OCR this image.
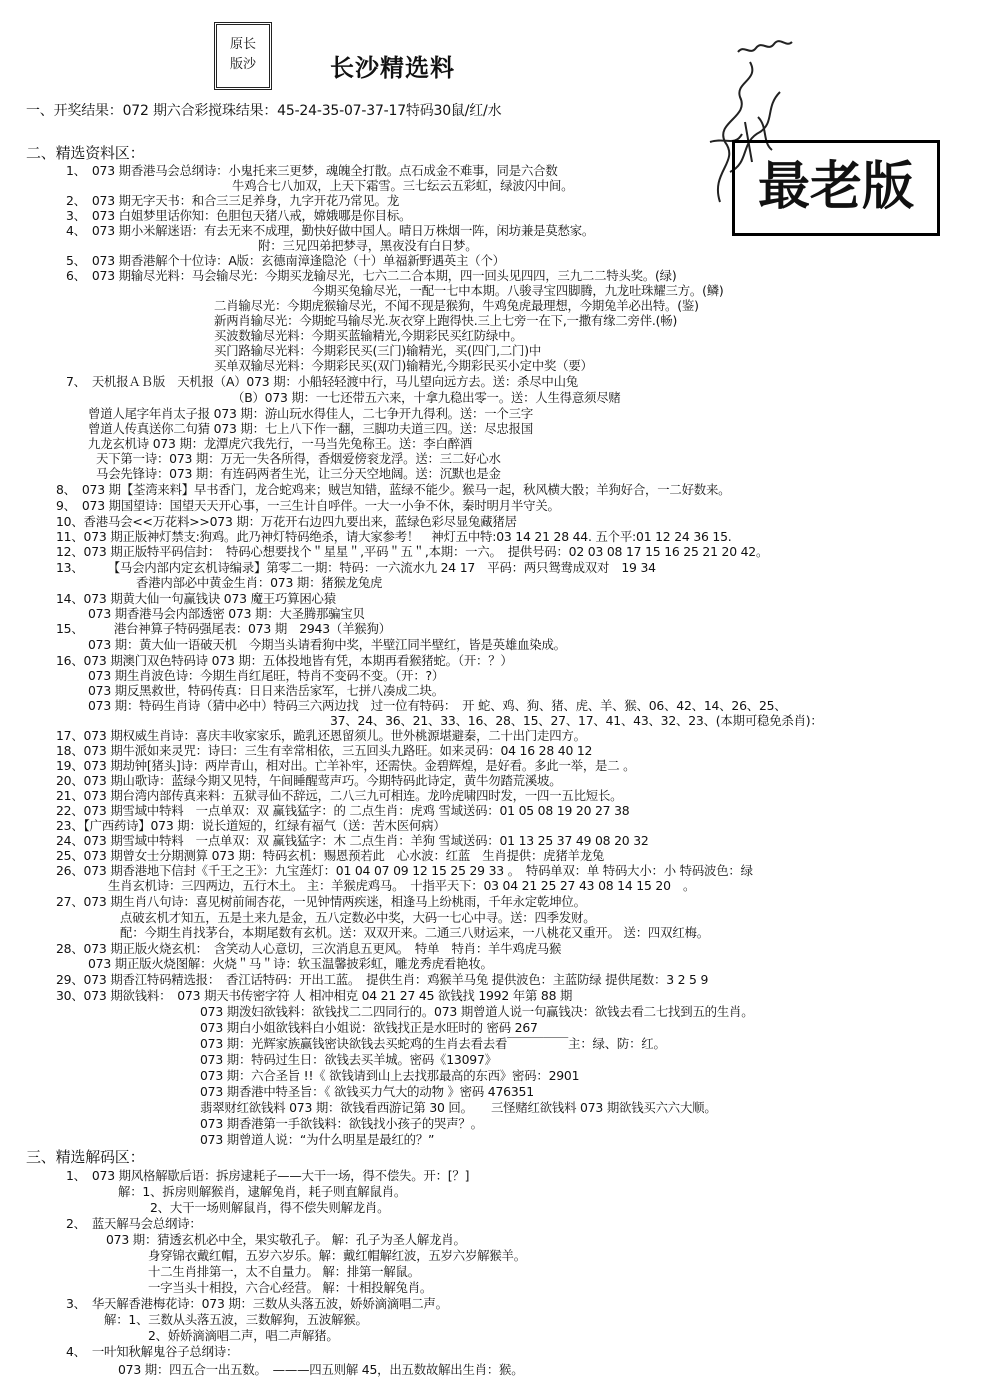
原长
版沙	长沙精选料
最老版
一、开奖结果：072 期六合彩搅珠结果：45-24-35-07-37-17特码30鼠/红/水
二、精选资料区：
1、　073 期香港马会总纲诗：小鬼托来三更梦，魂魄全打散。点石成金不难事，同是六合数
牛鸡合七八加双，上天下霜雪。三七纭云五彩虹，绿波闪中间。
2、　073 期无字天书：和合三三足养身，九字开花乃常见。龙
3、　073 白姐梦里话你知：色胆包天猪八戒，嫦娥哪是你目标。
4、　073 期小米解迷语：有去无来不成理，勤快好做中国人。晴日万株烟一阵，闲坊兼是莫愁家。
附：三兄四弟把梦寻，黑夜没有白日梦。
5、　073 期香港解个十位诗：A版：玄德南漳逢隐沦（十）单福新野遇英主（个）
6、　073 期输尽光料：马会输尽光：今期买龙输尽光，七六二二合本期，四一回头见四四，三九二二特头奖。(绿)
今期买兔输尽光，一配一七中本期。八骏寻宝四脚腾，九龙吐珠耀三方。(鳞)
二肖输尽光：今期虎猴输尽光，不闻不现是猴狗，牛鸡兔虎最理想，今期兔羊必出特。(鉴)
新两肖输尽光：今期蛇马输尽光.灰衣穿上跑得快.三上七旁一在下,一撒有缘二旁伴.(畅)
买波数输尽光料：今期买蓝输精光,今期彩民买红防绿中。
买门路输尽光料：今期彩民买(三门)输精光，买(四门,二门)中
买单双输尽光料：今期彩民买(双门)输精光,今期彩民买小定中奖（要）
7、　天机报ＡＢ版　天机报（A）073 期：小船轻轻渡中行，马儿望向远方去。送：杀尽中山兔
（B）073 期：一七还带五六来，十拿九稳出零一。送：人生得意须尽赌
曾道人尾字年肖太子报 073 期：游山玩水得佳人，二七争开九得利。送：一个三字
曾道人传真送你二句猜 073 期：七上八下作一翻，三脚功夫道三四。送：尽忠报国
九龙玄机诗 073 期：龙潭虎穴我先行，一马当先兔称王。送：李白醉酒
天下第一诗：073 期：万无一失各所得，香烟爱傍衮龙浮。送：三二好心水
马会先锋诗：073 期：有连码两者生光，让三分天空地阔。送：沉默也是金
8、　073 期【荃湾来料】早书香门，龙合蛇鸡来；贼岂知错，蓝绿不能少。猴马一起，秋风横大骰；羊狗好合，一二好数来。
9、　073 期国望诗：国望天天开心事，一三生计自呼伴。一大一小争不休，秦时明月半守关。
10、香港马会<<万花料>>073 期：万花开右边四九要出来，蓝绿色彩尽显兔藏猪居
11、073 期正版神灯禁支:狗鸡。此乃神灯特码绝杀，请大家参考！　神灯五中特:03 14 21 28 44. 五个平:01 12 24 36 15.
12、073 期正版特平码信封：　特码心想要找个＂星星＂,平码＂五＂,本期：一六。　提供号码：02 03 08 17 15 16 25 21 20 42。
13、　　　【马会内部内定玄机诗编录】第零二一期：特码：一六流水九 24 17　平码：两只鸳鸯成双对　19 34
香港内部必中黄金生肖：073 期：猪猴龙兔虎
14、073 期黄大仙一句赢钱诀 073 魔王巧算困心猿
073 期香港马会内部透密 073 期：大圣腾那骗宝贝
15、　　　港台神算子特码强尾表：073 期　2943（羊猴狗）
073 期：黄大仙一语破天机　今期当头请看狗中奖，半壁江同半壁红，皆是英雄血染成。
16、073 期澳门双色特码诗 073 期：五体投地皆有凭，本期再看猴猪蛇。（开：？）
073 期生肖波色诗：今期生肖红尾旺，特肖不变码不变。（开：?）
073 期反黑救世，特码传真：日日来浩岳家军，七拼八凑成二块。
073 期：特码生肖诗（猜中必中）特码三六两边找　过一位有特码：　开 蛇、鸡、狗、猪、虎、羊、猴、06、42、14、26、25、
37、24、36、21、33、16、28、15、27、17、41、43、32、23、(本期可稳免杀肖)：
17、073 期权威生肖诗：喜庆丰收家家乐，跪乳还恩留须儿。世外桃源堪避秦，二十出门走四方。
18、073 期牛派如来灵咒：诗曰：三生有幸常相依，三五回头九路旺。如来灵码：04 16 28 40 12
19、073 期劫钟[猪头]诗：两岸青山，相对出。亡羊补牢，还需快。金碧辉煌，是好看。多此一举，是二 。
20、073 期山歌诗：蓝绿今期又见特，午间睡醒莺声巧。今期特码此诗定，黄牛勿踏荒溪坡。
21、073 期台湾内部传真来料：五狱寻仙不辞远，二八三九可相连。龙吟虎啸四时发，一四一五比短长。
22、073 期雪域中特料　一点单双：双 赢钱猛字：的 二点生肖：虎鸡 雪域送码：01 05 08 19 20 27 38
23、【广西药诗】073 期：说长道短的，红绿有福气（送：苦木医何病）
24、073 期雪域中特料　一点单双：双 赢钱猛字：木 二点生肖：羊狗 雪域送码：01 13 25 37 49 08 20 32
25、073 期曾女士分期测算 073 期：特码玄机：赐恩预若此　心水波：红蓝　生肖提供：虎猪羊龙兔
26、073 期香港地下信封《千王之王》：九宝莲灯：01 04 07 09 12 15 25 29 33 。　特码单双：单 特码大小：小 特码波色：绿
生肖玄机诗：三四两边，五行木土。 主：羊猴虎鸡马。　十指平天下：03 04 21 25 27 43 08 14 15 20　。
27、073 期生肖八句诗：喜见树前闹杏花，一见钟情两疾迷，相逢马上纷桃雨，千年永定乾坤位。
点破玄机才知五，五是土来九是金，五八定数必中奖，大码一七心中寻。送：四季发财。
配：今期生肖找茅台，本期尾数有玄机。送：双双开来。二通三八财运来，一八桃花又重开。 送：四双红梅。
28、073 期正版火烧玄机：　含笑动人心意切，三次消息五更风。　特单　特肖：羊牛鸡虎马猴
073 期正版火烧图解：火烧＂马＂诗：软玉温馨披彩虹，雕龙秀虎看艳妆。
29、073 期香江特码精选报：　香江话特码：开出工蓝。　提供生肖：鸡猴羊马兔 提供波色：主蓝防绿 提供尾数：3 2 5 9
30、073 期欲钱料：　073 期天书传密字符 人 相冲相克 04 21 27 45 欲钱找 1992 年第 88 期
073 期泼妇欲钱料：欲钱找二二四同行的。073 期曾道人说一句赢钱决：欲钱去看二七找到五的生肖。
073 期白小姐欲钱料白小姐说：欲钱找正是水旺时的 密码 267
073 期：光辉家族赢钱密诀欲钱去买蛇鸡的生肖去看去看￣￣￣￣￣主：绿、防：红。
073 期：特码过生日：欲钱去买羊城。密码《13097》
073 期：六合圣旨 !!《 欲钱请到山上去找那最高的东西》密码：2901
073 期香港中特圣旨：《 欲钱买力气大的动物 》密码 476351
翡翠财红欲钱料 073 期：欲钱看西游记第 30 回。　　三怪赌红欲钱料 073 期欲钱买六六大顺。
073 期香港第一手欲钱料：欲钱找小孩子的哭声？。
073 期曾道人说：“为什么明星是最红的？”
三、精选解码区：
1、　073 期风格解歇后语：拆房逮耗子——大干一场，得不偿失。开：[？]
解：1、拆房则解猴肖，逮解兔肖，耗子则直解鼠肖。
2、大干一场则解鼠肖，得不偿失则解龙肖。
2、　蓝天解马会总纲诗：
073 期：猜透玄机必中全，果实敬孔子。 解：孔子为圣人解龙肖。
身穿锦衣戴红帽，五岁六岁乐。解：戴红帽解红波，五岁六岁解猴羊。
十二生肖排第一，太不自量力。 解：排第一解鼠。
一字当头十相投，六合心经营。 解：十相投解兔肖。
3、　华天解香港梅花诗：073 期：三数从头落五波，娇娇滴滴唱二声。
解：1、三数从头落五波，三数解狗，五波解猴。
2、娇娇滴滴唱二声，唱二声解猪。
4、　一叶知秋解鬼谷子总纲诗：
073 期：四五合一出五数。　———四五则解 45，出五数故解出生肖：猴。
